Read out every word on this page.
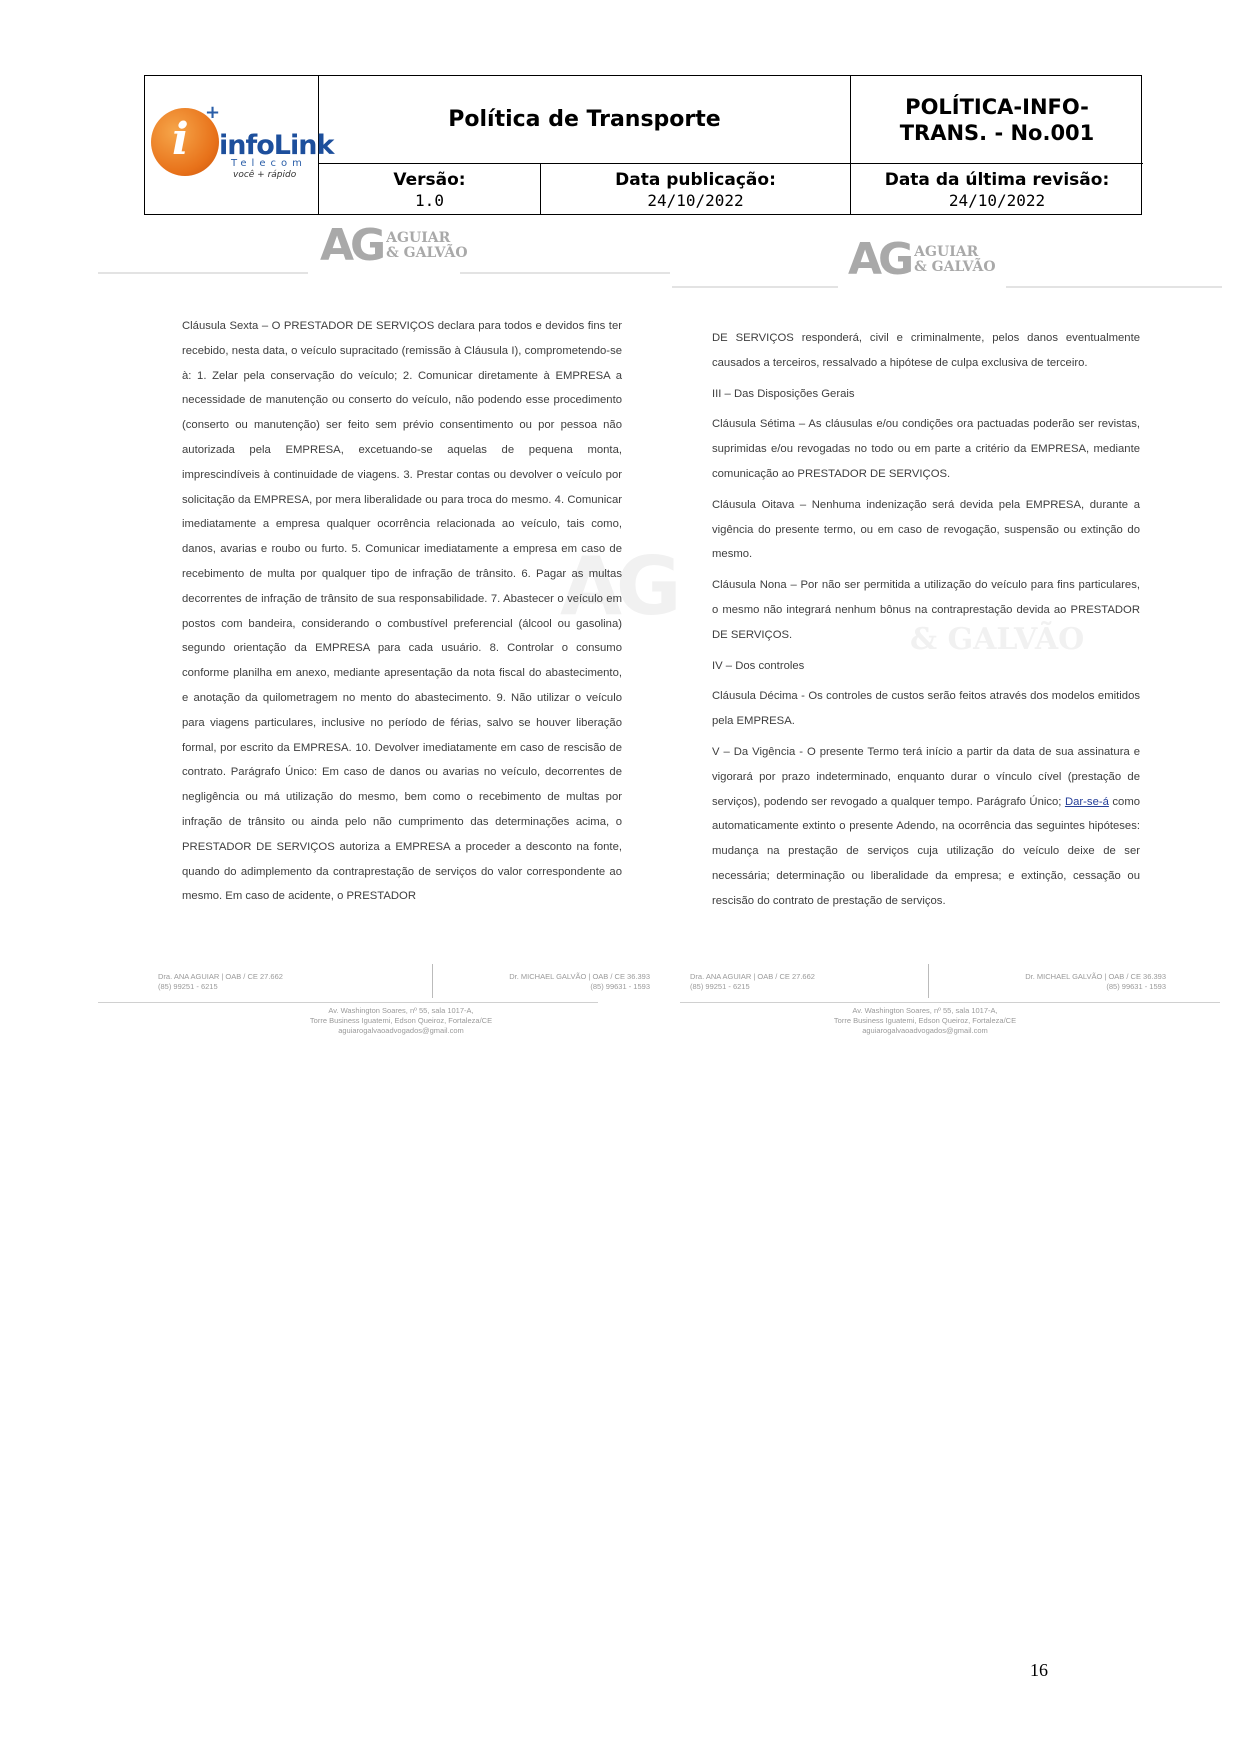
i
+
infoLink
Telecom
você + rápido
Política de Transporte
POLÍTICA-INFO-TRANS. - No.001
Versão:
1.0
Data publicação:
24/10/2022
Data da última revisão:
24/10/2022
AG AGUIAR
& GALVÃO	AG AGUIAR
& GALVÃO
AG
& GALVÃO

Cláusula Sexta – O PRESTADOR DE SERVIÇOS declara para todos e devidos fins ter recebido, nesta data, o veículo supracitado (remissão à Cláusula I), comprometendo-se à: 1. Zelar pela conservação do veículo; 2. Comunicar diretamente à EMPRESA a necessidade de manutenção ou conserto do veículo, não podendo esse procedimento (conserto ou manutenção) ser feito sem prévio consentimento ou por pessoa não autorizada pela EMPRESA, excetuando-se aquelas de pequena monta, imprescindíveis à continuidade de viagens. 3. Prestar contas ou devolver o veículo por solicitação da EMPRESA, por mera liberalidade ou para troca do mesmo. 4. Comunicar imediatamente a empresa qualquer ocorrência relacionada ao veículo, tais como, danos, avarias e roubo ou furto. 5. Comunicar imediatamente a empresa em caso de recebimento de multa por qualquer tipo de infração de trânsito. 6. Pagar as multas decorrentes de infração de trânsito de sua responsabilidade. 7. Abastecer o veículo em postos com bandeira, considerando o combustível preferencial (álcool ou gasolina) segundo orientação da EMPRESA para cada usuário. 8. Controlar o consumo conforme planilha em anexo, mediante apresentação da nota fiscal do abastecimento, e anotação da quilometragem no mento do abastecimento. 9. Não utilizar o veículo para viagens particulares, inclusive no período de férias, salvo se houver liberação formal, por escrito da EMPRESA. 10. Devolver imediatamente em caso de rescisão de contrato. Parágrafo Único: Em caso de danos ou avarias no veículo, decorrentes de negligência ou má utilização do mesmo, bem como o recebimento de multas por infração de trânsito ou ainda pelo não cumprimento das determinações acima, o PRESTADOR DE SERVIÇOS autoriza a EMPRESA a proceder a desconto na fonte, quando do adimplemento da contraprestação de serviços do valor correspondente ao mesmo. Em caso de acidente, o PRESTADOR

DE SERVIÇOS responderá, civil e criminalmente, pelos danos eventualmente causados a terceiros, ressalvado a hipótese de culpa exclusiva de terceiro.

III – Das Disposições Gerais

Cláusula Sétima – As cláusulas e/ou condições ora pactuadas poderão ser revistas, suprimidas e/ou revogadas no todo ou em parte a critério da EMPRESA, mediante comunicação ao PRESTADOR DE SERVIÇOS.

Cláusula Oitava – Nenhuma indenização será devida pela EMPRESA, durante a vigência do presente termo, ou em caso de revogação, suspensão ou extinção do mesmo.

Cláusula Nona – Por não ser permitida a utilização do veículo para fins particulares, o mesmo não integrará nenhum bônus na contraprestação devida ao PRESTADOR DE SERVIÇOS.

IV – Dos controles

Cláusula Décima - Os controles de custos serão feitos através dos modelos emitidos pela EMPRESA.

V – Da Vigência - O presente Termo terá início a partir da data de sua assinatura e vigorará por prazo indeterminado, enquanto durar o vínculo cível (prestação de serviços), podendo ser revogado a qualquer tempo. Parágrafo Único; Dar-se-á como automaticamente extinto o presente Adendo, na ocorrência das seguintes hipóteses: mudança na prestação de serviços cuja utilização do veículo deixe de ser necessária; determinação ou liberalidade da empresa; e extinção, cessação ou rescisão do contrato de prestação de serviços.

Dra. ANA AGUIAR | OAB / CE 27.662
(85) 99251 - 6215
Dr. MICHAEL GALVÃO | OAB / CE 36.393
(85) 99631 - 1593
Dra. ANA AGUIAR | OAB / CE 27.662
(85) 99251 - 6215
Dr. MICHAEL GALVÃO | OAB / CE 36.393
(85) 99631 - 1593
Av. Washington Soares, nº 55, sala 1017-A,
Torre Business Iguatemi, Edson Queiroz, Fortaleza/CE
aguiarogalvaoadvogados@gmail.com
Av. Washington Soares, nº 55, sala 1017-A,
Torre Business Iguatemi, Edson Queiroz, Fortaleza/CE
aguiarogalvaoadvogados@gmail.com
16
